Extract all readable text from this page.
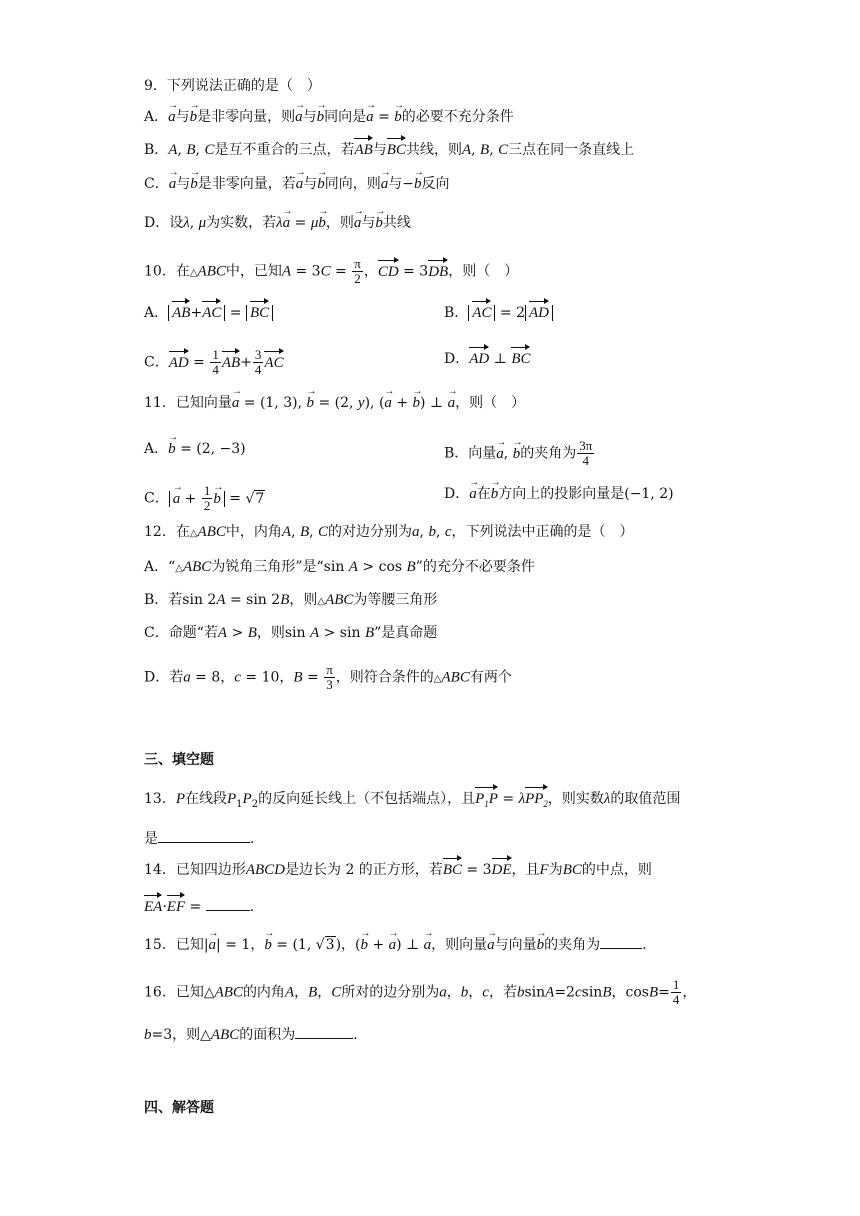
9．下列说法正确的是（　）
A．→ a与→ b是非零向量，则→ a与→ b同向是→ a = → b的必要不充分条件
B．A, B, C是互不重合的三点，若AB与BC共线，则A, B, C三点在同一条直线上
C．→ a与→ b是非零向量，若→ a与→ b同向，则→ a与−→ b反向
D．设λ, μ为实数，若λ→ a = μ→ b，则→ a与→ b共线
10．在△ABC中，已知$A = 3C = \frac{\pi}{2}$ ，CD = 3DB，则（　）
A． AB+AC = BC	B． AC = 2 AD
C．AD = $\frac{1}{4} AB+ \frac{3}{4}$ AC	D．AD ⊥ BC
11．已知向量→ a = (1, 3), → b = (2, y), (→ a + → b) ⊥ → a，则（　）
A．→ b = (2, −3)	B．向量→ a, → b的夹角为 $\frac{3\pi}{4}$
C．→ $a + \frac{1}{2}$
→ b = √7	D．→ a在→ b方向上的投影向量是(−1, 2)
12．在△ABC中，内角A, B, C的对边分别为a, b, c，下列说法中正确的是（　）
A．“△ABC为锐角三角形”是“sin A > cos B”的充分不必要条件
B．若sin 2A = sin 2B，则△ABC为等腰三角形
C．命题“若A > B，则sin A > sin B”是真命题
D．若a = 8，c = 10，$B = \frac{\pi}{3}$ ，则符合条件的△ABC有两个
三、填空题
13．P在线段$P_1P_2$的反向延长线上（不包括端点），且$P_1P = \lambda PP_2$，则实数λ的取值范围
是	.
14．已知四边形ABCD是边长为 2 的正方形，若BC = 3DE，且F为BC的中点，则
EA·EF =	.
15．已知|→ a| = 1，→ b = (1, √3)，(→ b + → a) ⊥ → a，则向量→ a与向量→ b的夹角为	.
16．已知△ABC的内角A，B，C所对的边分别为a，b，c，若bsinA=2csinB，$\cos B= \frac{1}{4}$ ，
b=3，则△ABC的面积为	.
四、解答题
